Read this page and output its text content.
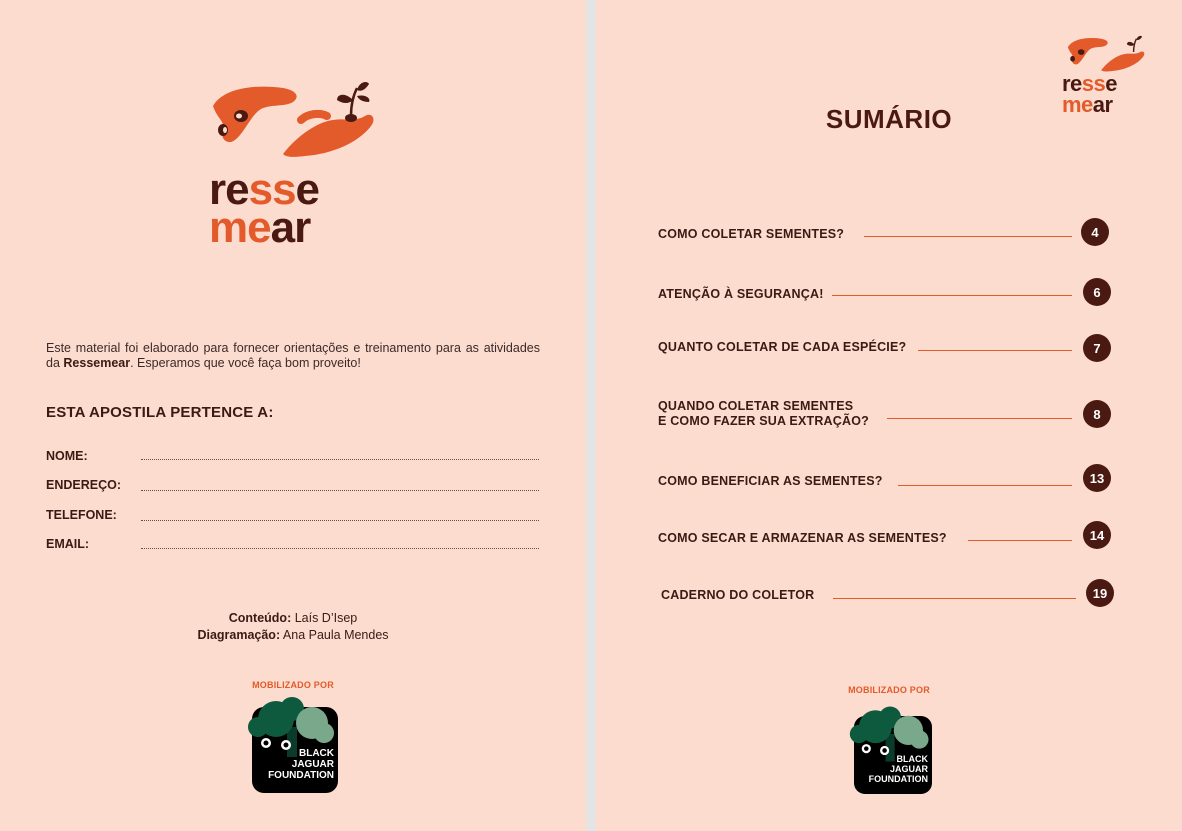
resse
mear

Este material foi elaborado para fornecer orientações e treinamento para as atividades da Ressemear. Esperamos que você faça bom proveito!

ESTA APOSTILA PERTENCE A:
NOME:
ENDEREÇO:
TELEFONE:
EMAIL:
Conteúdo: Laís D’Isep
Diagramação: Ana Paula Mendes
MOBILIZADO POR
BLACK
JAGUAR
FOUNDATION
resse
mear
SUMÁRIO
COMO COLETAR SEMENTES?	4
ATENÇÃO À SEGURANÇA!	6
QUANTO COLETAR DE CADA ESPÉCIE?	7
QUANDO COLETAR SEMENTES
E COMO FAZER SUA EXTRAÇÃO?	8
COMO BENEFICIAR AS SEMENTES?	13
COMO SECAR E ARMAZENAR AS SEMENTES?	14
CADERNO DO COLETOR	19
MOBILIZADO POR
BLACK
JAGUAR
FOUNDATION
